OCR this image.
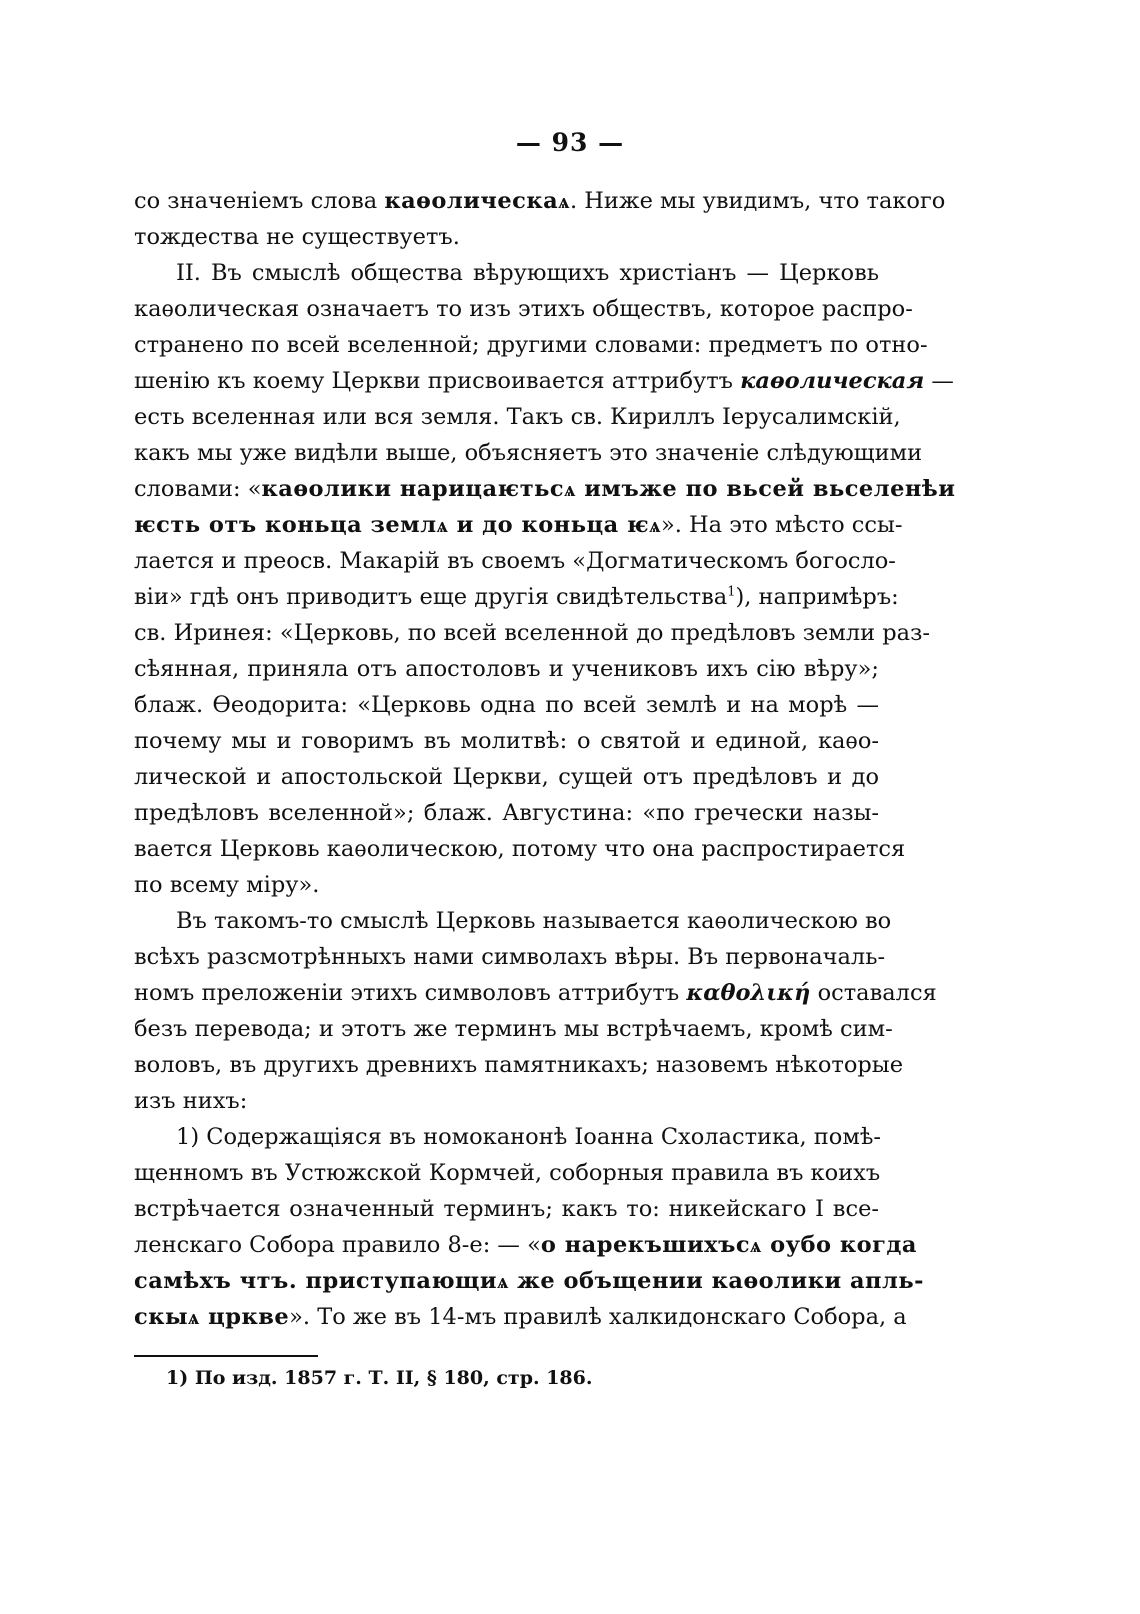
— 93 —
со значеніемъ слова каѳолическаѧ. Ниже мы увидимъ, что такого
тождества не существуетъ.
II. Въ смыслѣ общества вѣрующихъ христіанъ — Церковь
каѳолическая означаетъ то изъ этихъ обществъ, которое распро-
странено по всей вселенной; другими словами: предметъ по отно-
шенію къ коему Церкви присвоивается аттрибутъ каѳолическая —
есть вселенная или вся земля. Такъ св. Кириллъ Іерусалимскій,
какъ мы уже видѣли выше, объясняетъ это значеніе слѣдующими
словами: «каѳолики нарицаѥтьсѧ имъже по вьсей вьселенѣи
ѥсть отъ коньца землѧ и до коньца ѥѧ». На это мѣсто ссы-
лается и преосв. Макарій въ своемъ «Догматическомъ богосло-
віи» гдѣ онъ приводитъ еще другія свидѣтельства$^1$), напримѣръ:
св. Иринея: «Церковь, по всей вселенной до предѣловъ земли раз-
сѣянная, приняла отъ апостоловъ и учениковъ ихъ сію вѣру»;
блаж. Ѳеодорита: «Церковь одна по всей землѣ и на морѣ —
почему мы и говоримъ въ молитвѣ: о святой и единой, каѳо-
лической и апостольской Церкви, сущей отъ предѣловъ и до
предѣловъ вселенной»; блаж. Августина: «по гречески назы-
вается Церковь каѳолическою, потому что она распростирается
по всему міру».
Въ такомъ-то смыслѣ Церковь называется каѳолическою во
всѣхъ разсмотрѣнныхъ нами символахъ вѣры. Въ первоначаль-
номъ преложеніи этихъ символовъ аттрибутъ καθολική оставался
безъ перевода; и этотъ же терминъ мы встрѣчаемъ, кромѣ сим-
воловъ, въ другихъ древнихъ памятникахъ; назовемъ нѣкоторые
изъ нихъ:
1) Содержащіяся въ номоканонѣ Іоанна Схоластика, помѣ-
щенномъ въ Устюжской Кормчей, соборныя правила въ коихъ
встрѣчается означенный терминъ; какъ то: никейскаго I все-
ленскаго Собора правило 8-е: — «о нарекъшихъсѧ оубо когда
самѣхъ чтъ. приступающиѧ же объщении каѳолики апль-
скыѧ црквe». То же въ 14-мъ правилѣ халкидонскаго Собора, а
1) По изд. 1857 г. Т. II, § 180, стр. 186.
